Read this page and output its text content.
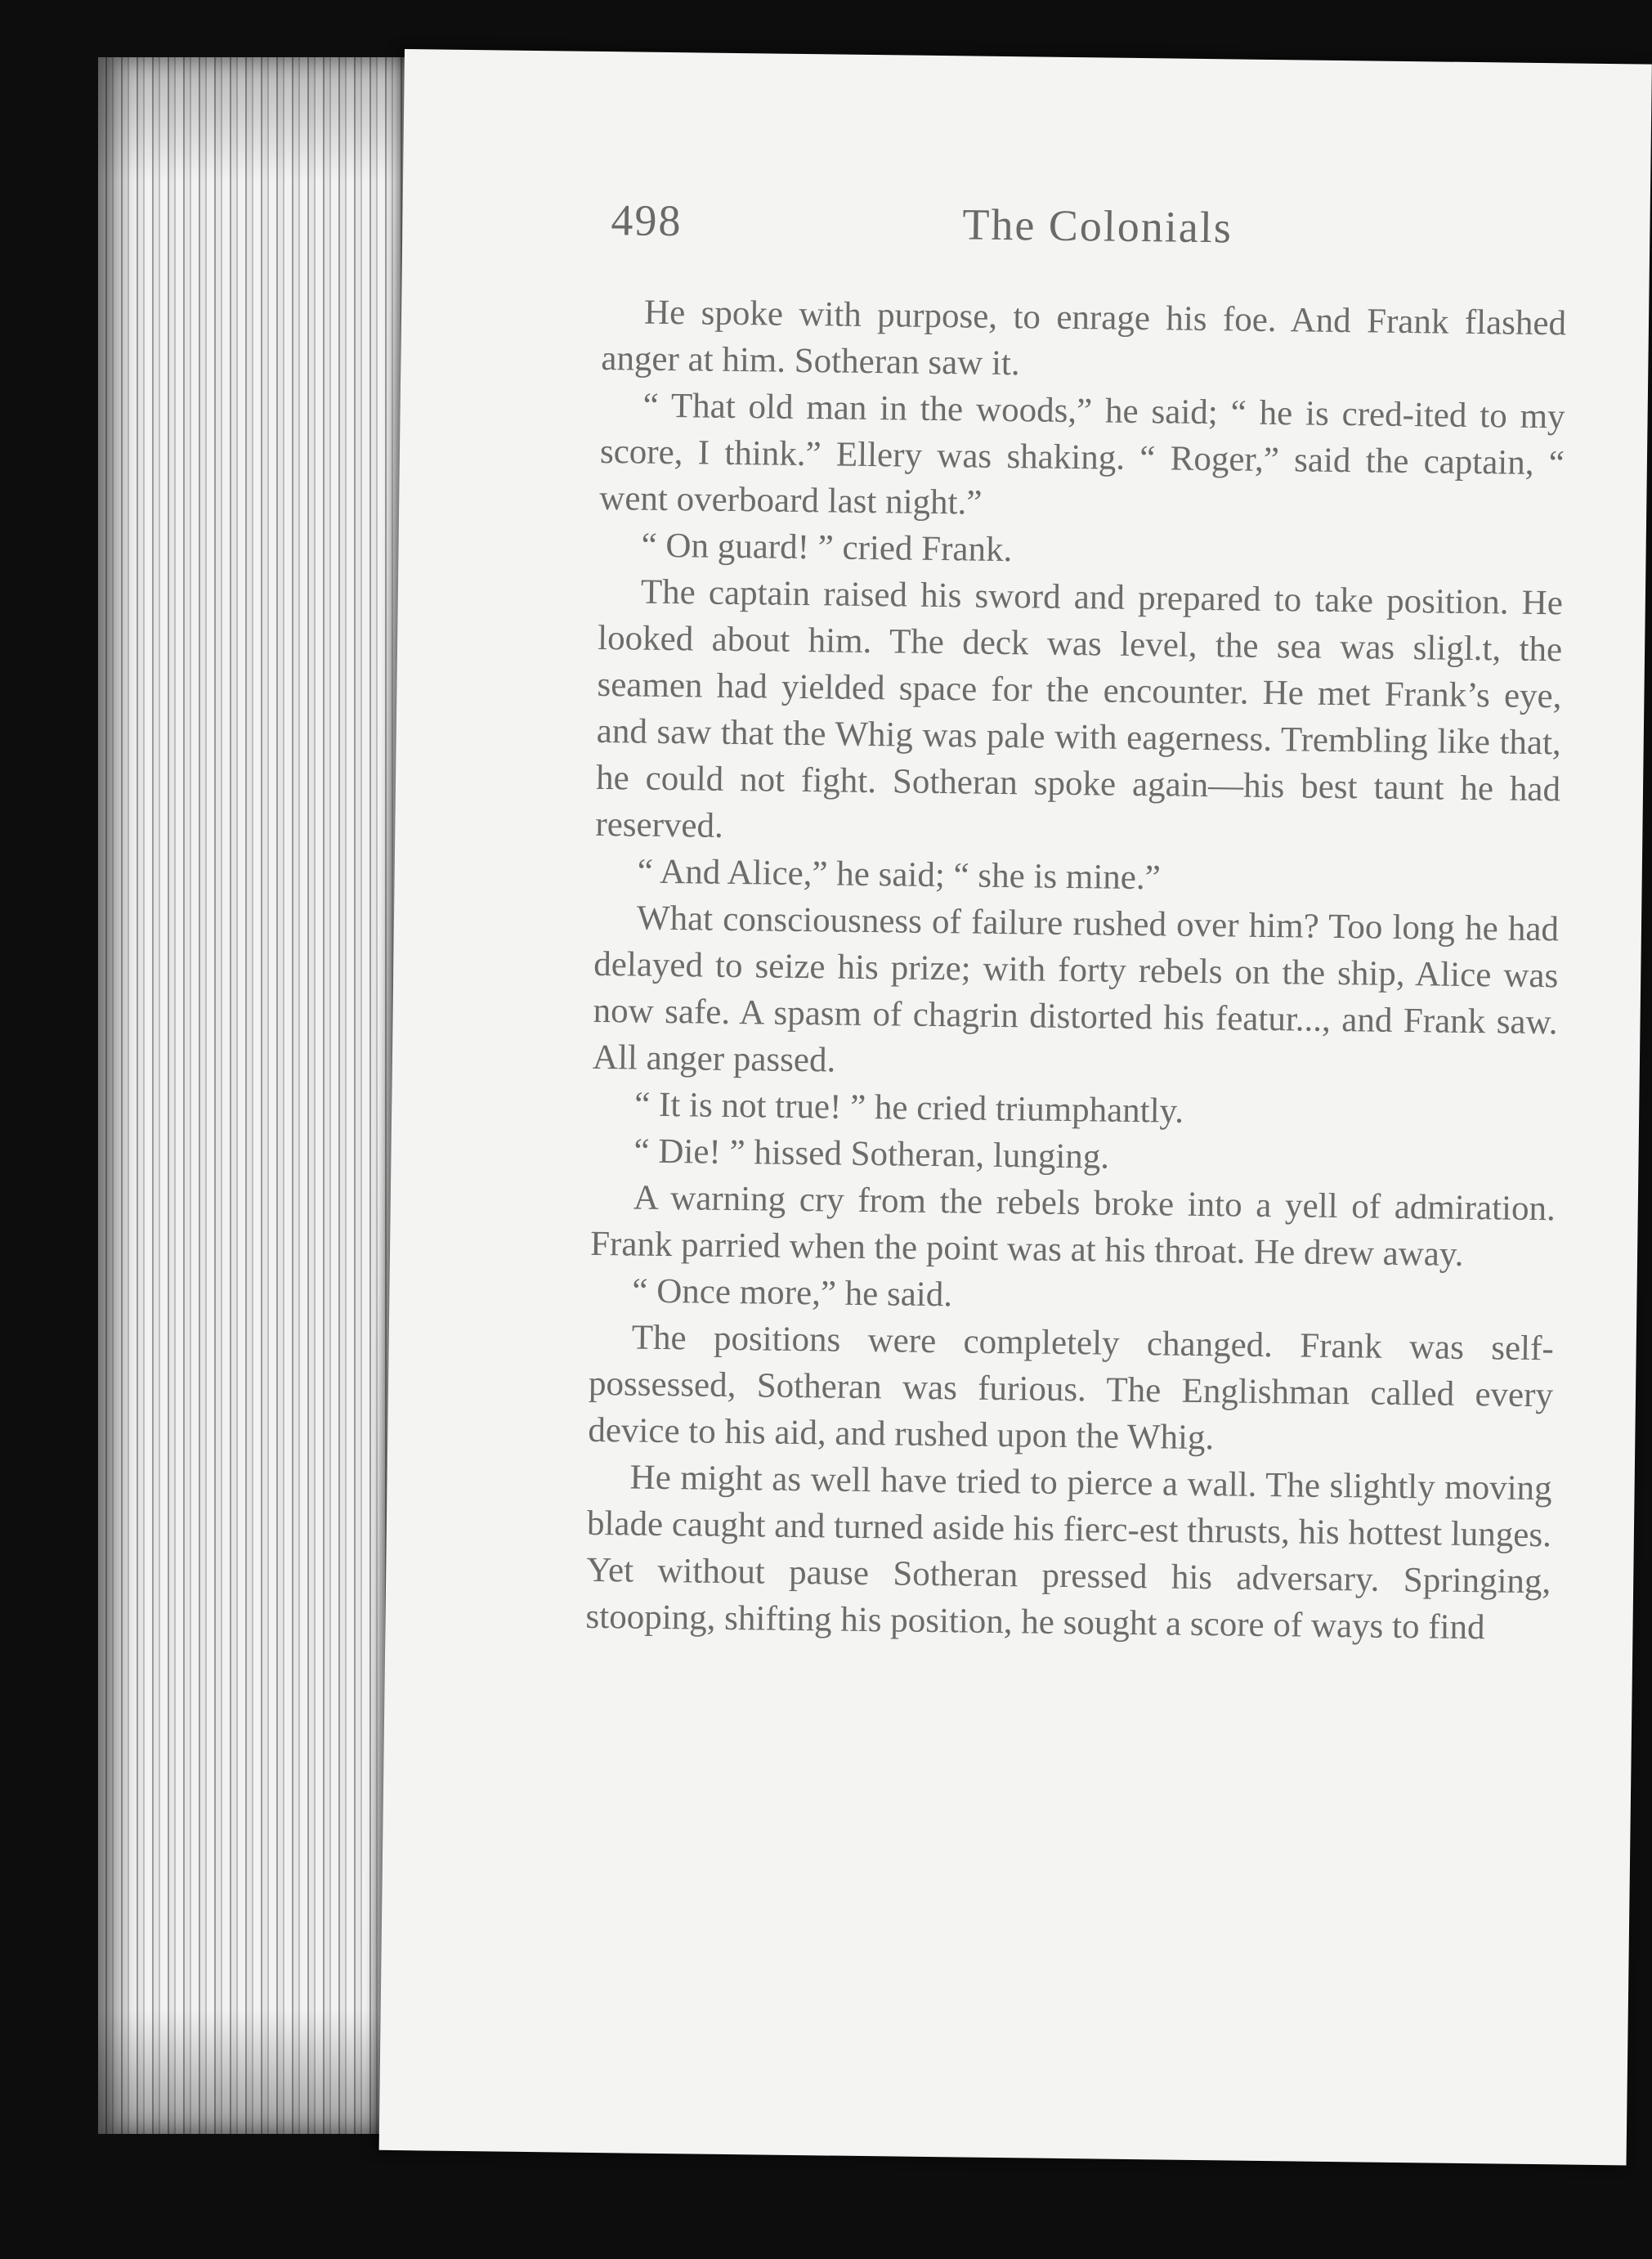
498	The Colonials

He spoke with purpose, to enrage his foe. And Frank flashed anger at him. Sotheran saw it.

“ That old man in the woods,” he said; “ he is cred-ited to my score, I think.” Ellery was shaking. “ Roger,” said the captain, “ went overboard last night.”

“ On guard! ” cried Frank.

The captain raised his sword and prepared to take position. He looked about him. The deck was level, the sea was sligl.t, the seamen had yielded space for the encounter. He met Frank’s eye, and saw that the Whig was pale with eagerness. Trembling like that, he could not fight. Sotheran spoke again—his best taunt he had reserved.

“ And Alice,” he said; “ she is mine.”

What consciousness of failure rushed over him? Too long he had delayed to seize his prize; with forty rebels on the ship, Alice was now safe. A spasm of chagrin distorted his featur..., and Frank saw. All anger passed.

“ It is not true! ” he cried triumphantly.

“ Die! ” hissed Sotheran, lunging.

A warning cry from the rebels broke into a yell of admiration. Frank parried when the point was at his throat. He drew away.

“ Once more,” he said.

The positions were completely changed. Frank was self-possessed, Sotheran was furious. The Englishman called every device to his aid, and rushed upon the Whig.

He might as well have tried to pierce a wall. The slightly moving blade caught and turned aside his fierc-est thrusts, his hottest lunges. Yet without pause Sotheran pressed his adversary. Springing, stooping, shifting his position, he sought a score of ways to find
